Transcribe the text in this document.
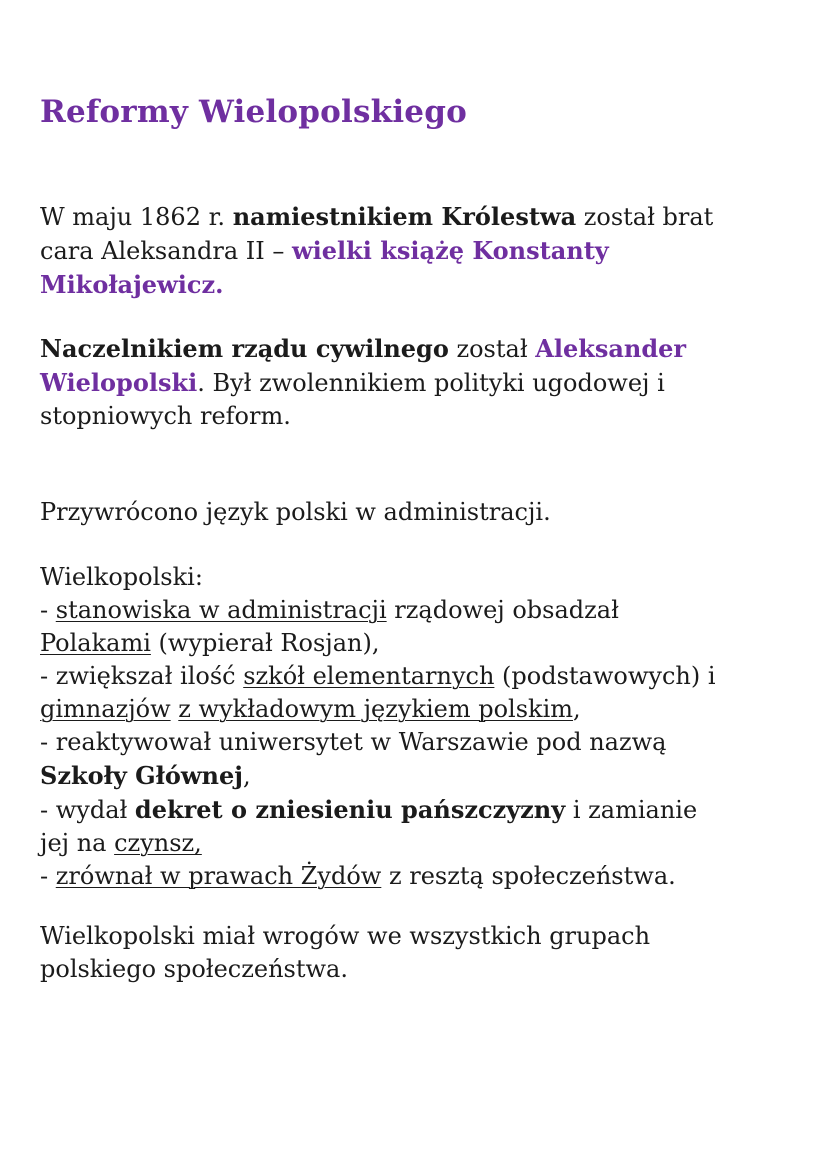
Reformy Wielopolskiego
W maju 1862 r. namiestnikiem Królestwa został brat
cara Aleksandra II – wielki książę Konstanty
Mikołajewicz.
Naczelnikiem rządu cywilnego został Aleksander
Wielopolski. Był zwolennikiem polityki ugodowej i
stopniowych reform.
Przywrócono język polski w administracji.
Wielkopolski:
- stanowiska w administracji rządowej obsadzał
Polakami (wypierał Rosjan),
- zwiększał ilość szkół elementarnych (podstawowych) i
gimnazjów z wykładowym językiem polskim,
- reaktywował uniwersytet w Warszawie pod nazwą
Szkoły Głównej,
- wydał dekret o zniesieniu pańszczyzny i zamianie
jej na czynsz,
- zrównał w prawach Żydów z resztą społeczeństwa.
Wielkopolski miał wrogów we wszystkich grupach
polskiego społeczeństwa.
